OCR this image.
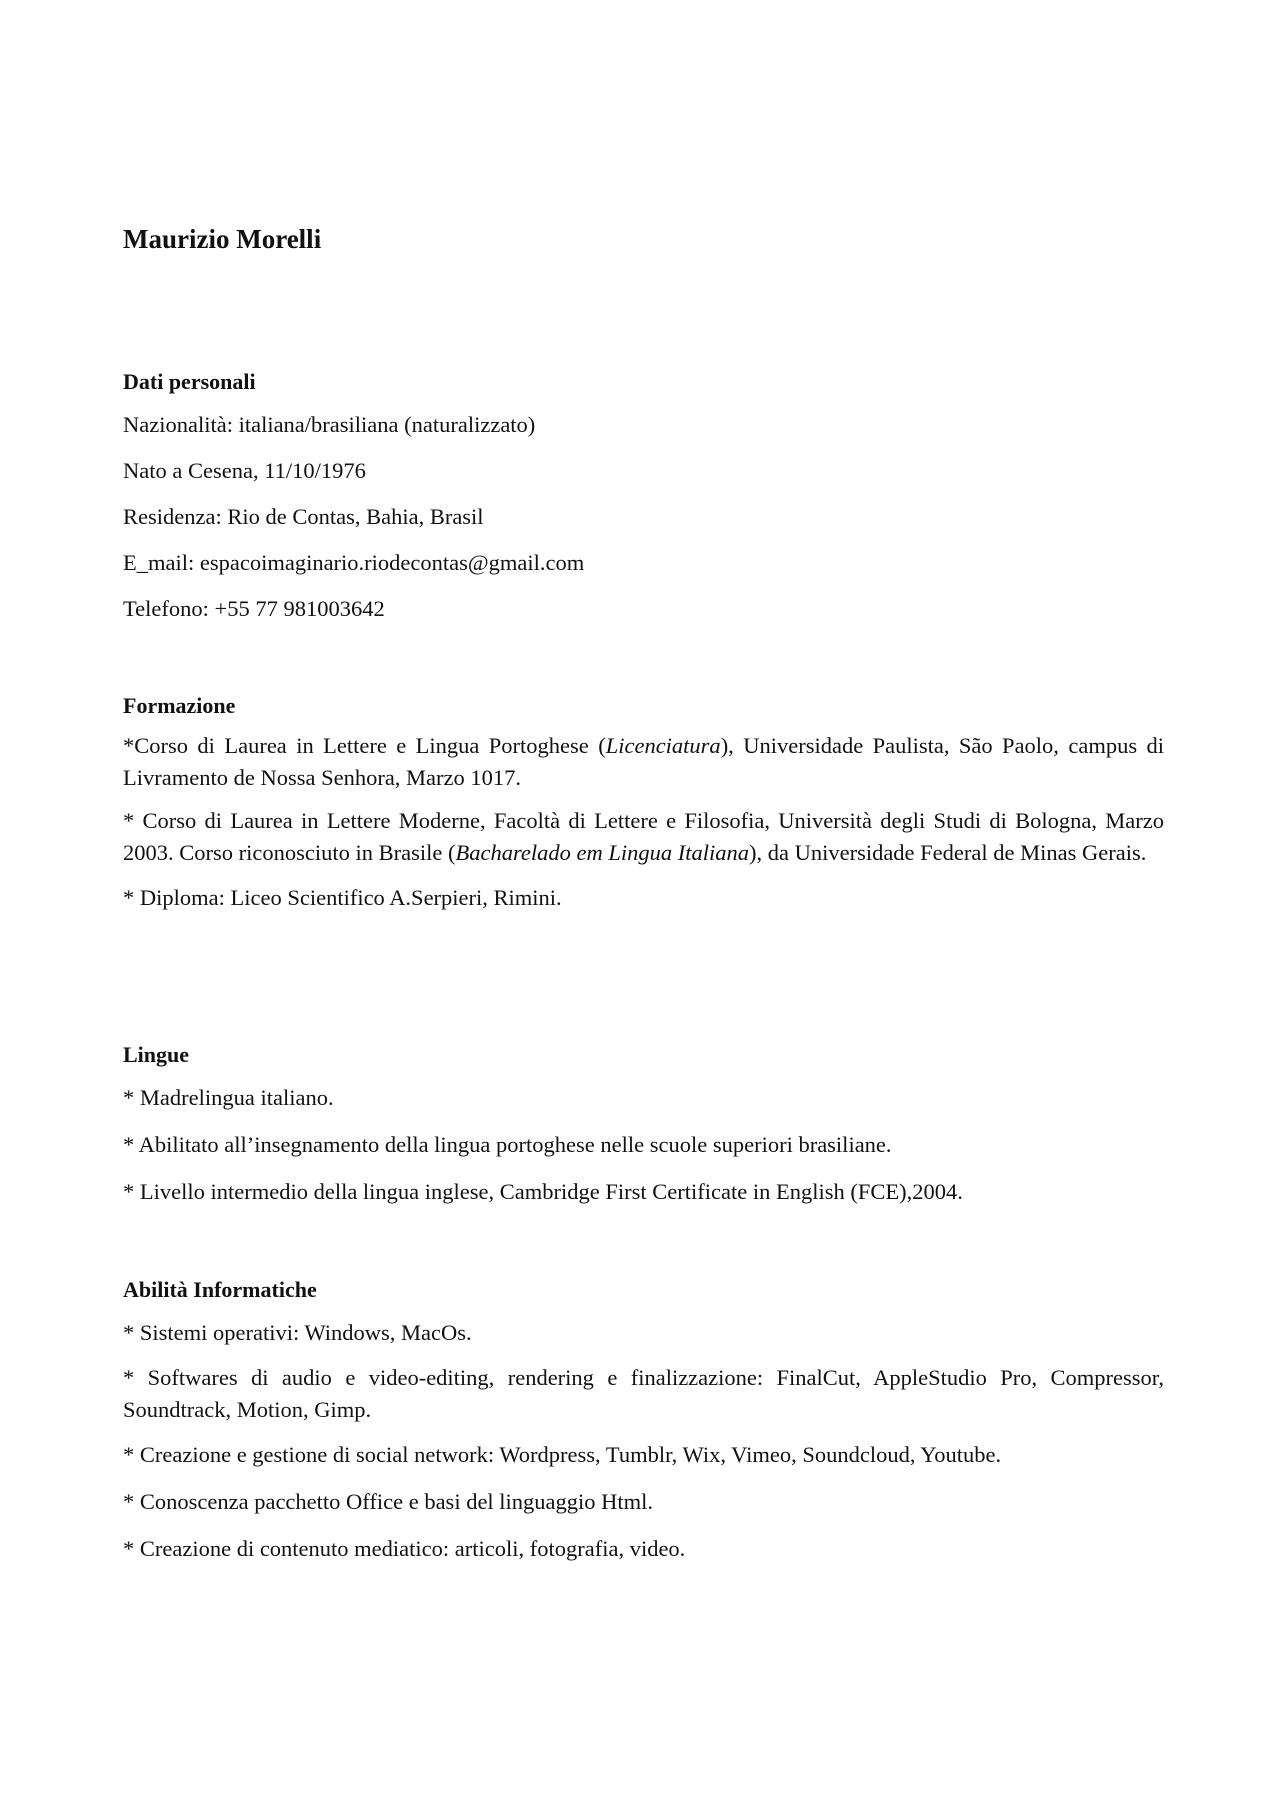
Maurizio Morelli
Dati personali

Nazionalità: italiana/brasiliana (naturalizzato)

Nato a Cesena, 11/10/1976

Residenza: Rio de Contas, Bahia, Brasil

E_mail: espacoimaginario.riodecontas@gmail.com

Telefono: +55 77 981003642

Formazione

*Corso di Laurea in Lettere e Lingua Portoghese (Licenciatura), Universidade Paulista, São Paolo, campus di Livramento de Nossa Senhora, Marzo 1017.

* Corso di Laurea in Lettere Moderne, Facoltà di Lettere e Filosofia, Università degli Studi di Bologna, Marzo 2003. Corso riconosciuto in Brasile (Bacharelado em Lingua Italiana), da Universidade Federal de Minas Gerais.

* Diploma: Liceo Scientifico A.Serpieri, Rimini.

Lingue

* Madrelingua italiano.

* Abilitato all’insegnamento della lingua portoghese nelle scuole superiori brasiliane.

* Livello intermedio della lingua inglese, Cambridge First Certificate in English (FCE),2004.

Abilità Informatiche

* Sistemi operativi: Windows, MacOs.

* Softwares di audio e video-editing, rendering e finalizzazione: FinalCut, AppleStudio Pro, Compressor, Soundtrack, Motion, Gimp.

* Creazione e gestione di social network: Wordpress, Tumblr, Wix, Vimeo, Soundcloud, Youtube.

* Conoscenza pacchetto Office e basi del linguaggio Html.

* Creazione di contenuto mediatico: articoli, fotografia, video.
